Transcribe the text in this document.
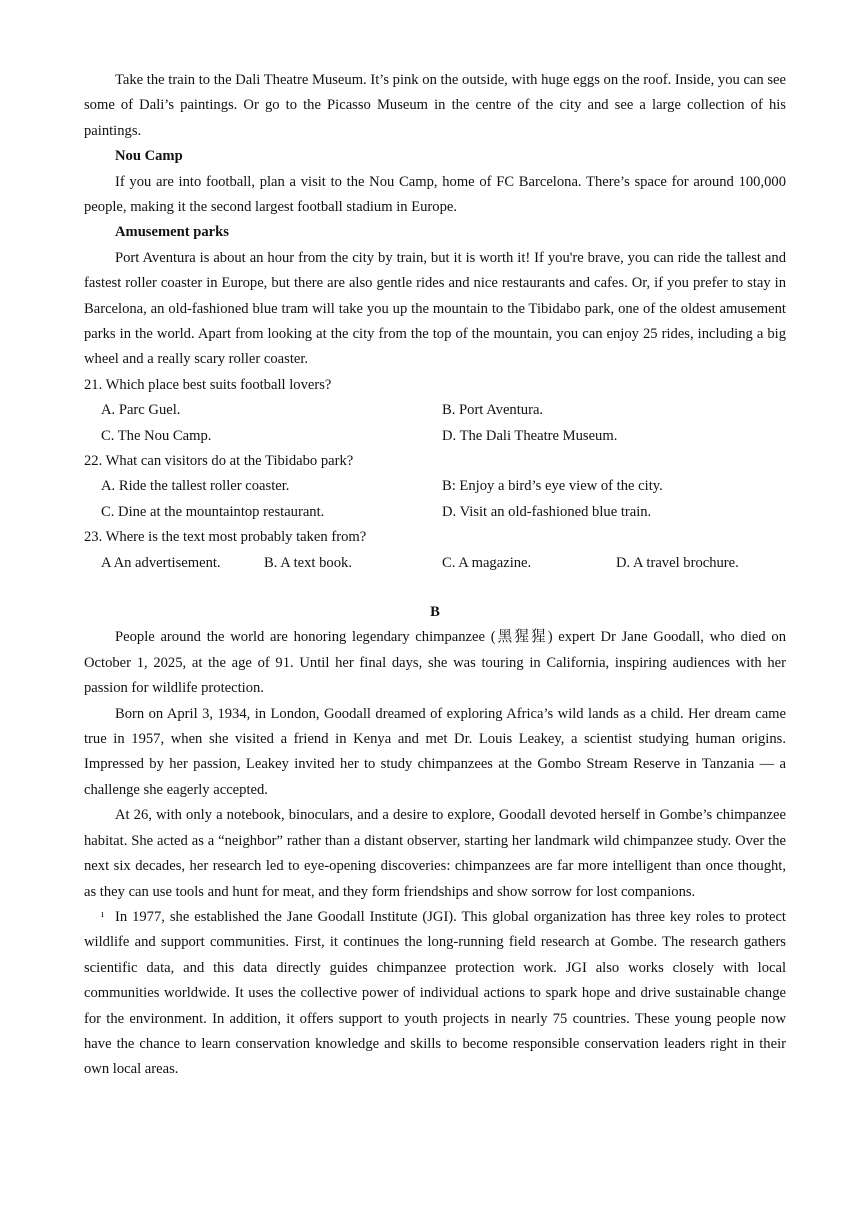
Take the train to the Dali Theatre Museum. It’s pink on the outside, with huge eggs on the roof. Inside, you can see some of Dali’s paintings. Or go to the Picasso Museum in the centre of the city and see a large collection of his paintings.

Nou Camp

If you are into football, plan a visit to the Nou Camp, home of FC Barcelona. There’s space for around 100,000 people, making it the second largest football stadium in Europe.

Amusement parks

Port Aventura is about an hour from the city by train, but it is worth it! If you're brave, you can ride the tallest and fastest roller coaster in Europe, but there are also gentle rides and nice restaurants and cafes. Or, if you prefer to stay in Barcelona, an old-fashioned blue tram will take you up the mountain to the Tibidabo park, one of the oldest amusement parks in the world. Apart from looking at the city from the top of the mountain, you can enjoy 25 rides, including a big wheel and a really scary roller coaster.

21. Which place best suits football lovers?
A. Parc Guel.	B. Port Aventura.
C. The Nou Camp.	D. The Dali Theatre Museum.
22. What can visitors do at the Tibidabo park?
A. Ride the tallest roller coaster.	B: Enjoy a bird’s eye view of the city.
C. Dine at the mountaintop restaurant.	D. Visit an old-fashioned blue train.
23. Where is the text most probably taken from?
A An advertisement.	B. A text book.	C. A magazine.	D. A travel brochure.
B

People around the world are honoring legendary chimpanzee (黑猩猩) expert Dr Jane Goodall, who died on October 1, 2025, at the age of 91. Until her final days, she was touring in California, inspiring audiences with her passion for wildlife protection.

Born on April 3, 1934, in London, Goodall dreamed of exploring Africa’s wild lands as a child. Her dream came true in 1957, when she visited a friend in Kenya and met Dr. Louis Leakey, a scientist studying human origins. Impressed by her passion, Leakey invited her to study chimpanzees at the Gombo Stream Reserve in Tanzania — a challenge she eagerly accepted.

At 26, with only a notebook, binoculars, and a desire to explore, Goodall devoted herself in Gombe’s chimpanzee habitat. She acted as a “neighbor” rather than a distant observer, starting her landmark wild chimpanzee study. Over the next six decades, her research led to eye-opening discoveries: chimpanzees are far more intelligent than once thought, as they can use tools and hunt for meat, and they form friendships and show sorrow for lost companions.

ı In 1977, she established the Jane Goodall Institute (JGI). This global organization has three key roles to protect wildlife and support communities. First, it continues the long-running field research at Gombe. The research gathers scientific data, and this data directly guides chimpanzee protection work. JGI also works closely with local communities worldwide. It uses the collective power of individual actions to spark hope and drive sustainable change for the environment. In addition, it offers support to youth projects in nearly 75 countries. These young people now have the chance to learn conservation knowledge and skills to become responsible conservation leaders right in their own local areas.
